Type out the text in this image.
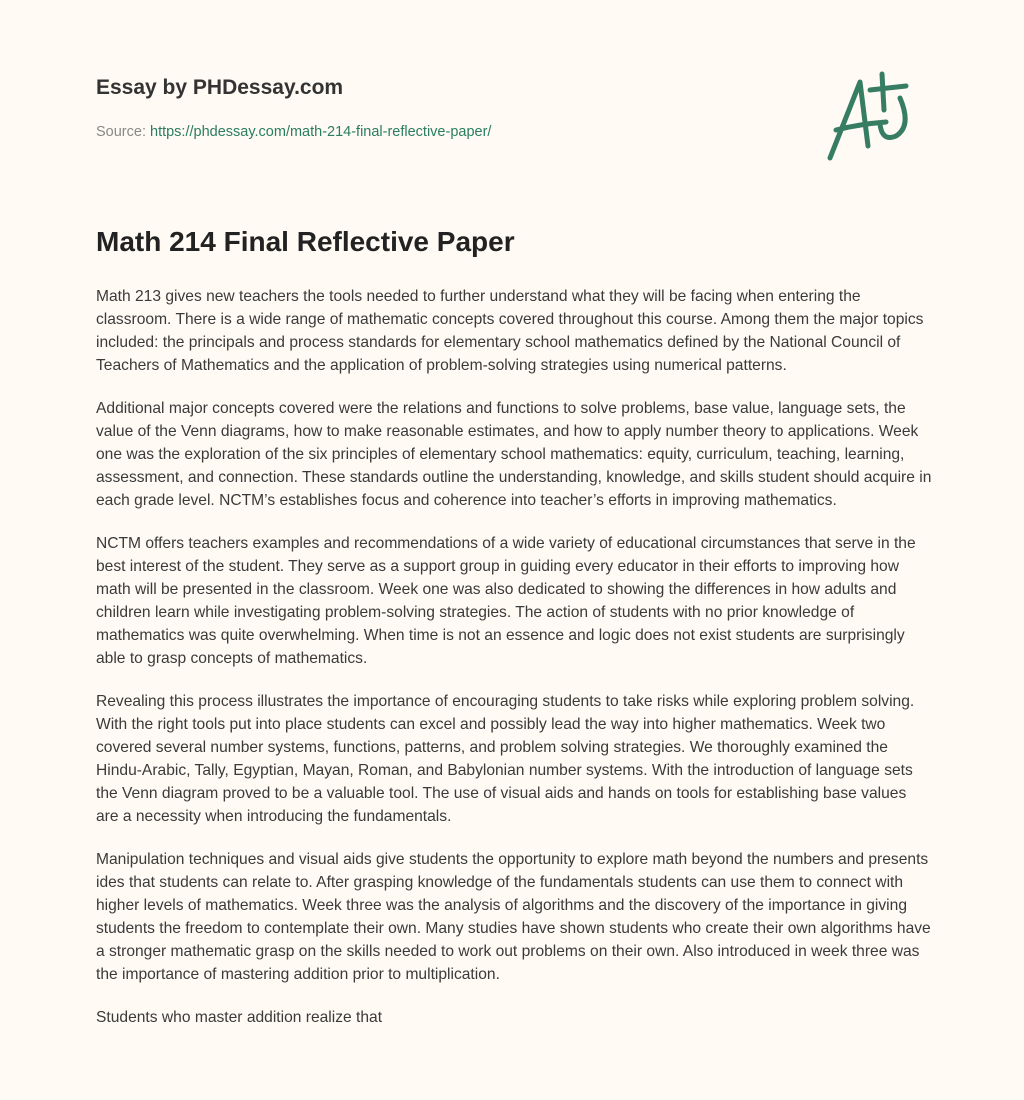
Essay by PHDessay.com
Source: https://phdessay.com/math-214-final-reflective-paper/
Math 214 Final Reflective Paper

Math 213 gives new teachers the tools needed to further understand what they will be facing when entering the classroom. There is a wide range of mathematic concepts covered throughout this course. Among them the major topics included: the principals and process standards for elementary school mathematics defined by the National Council of Teachers of Mathematics and the application of problem-solving strategies using numerical patterns.

Additional major concepts covered were the relations and functions to solve problems, base value, language sets, the value of the Venn diagrams, how to make reasonable estimates, and how to apply number theory to applications. Week one was the exploration of the six principles of elementary school mathematics: equity, curriculum, teaching, learning, assessment, and connection. These standards outline the understanding, knowledge, and skills student should acquire in each grade level. NCTM’s establishes focus and coherence into teacher’s efforts in improving mathematics.

NCTM offers teachers examples and recommendations of a wide variety of educational circumstances that serve in the best interest of the student. They serve as a support group in guiding every educator in their efforts to improving how math will be presented in the classroom. Week one was also dedicated to showing the differences in how adults and children learn while investigating problem-solving strategies. The action of students with no prior knowledge of mathematics was quite overwhelming. When time is not an essence and logic does not exist students are surprisingly able to grasp concepts of mathematics.

Revealing this process illustrates the importance of encouraging students to take risks while exploring problem solving. With the right tools put into place students can excel and possibly lead the way into higher mathematics. Week two covered several number systems, functions, patterns, and problem solving strategies. We thoroughly examined the Hindu-Arabic, Tally, Egyptian, Mayan, Roman, and Babylonian number systems. With the introduction of language sets the Venn diagram proved to be a valuable tool. The use of visual aids and hands on tools for establishing base values are a necessity when introducing the fundamentals.

Manipulation techniques and visual aids give students the opportunity to explore math beyond the numbers and presents ides that students can relate to. After grasping knowledge of the fundamentals students can use them to connect with higher levels of mathematics. Week three was the analysis of algorithms and the discovery of the importance in giving students the freedom to contemplate their own. Many studies have shown students who create their own algorithms have a stronger mathematic grasp on the skills needed to work out problems on their own. Also introduced in week three was the importance of mastering addition prior to multiplication.

Students who master addition realize that
